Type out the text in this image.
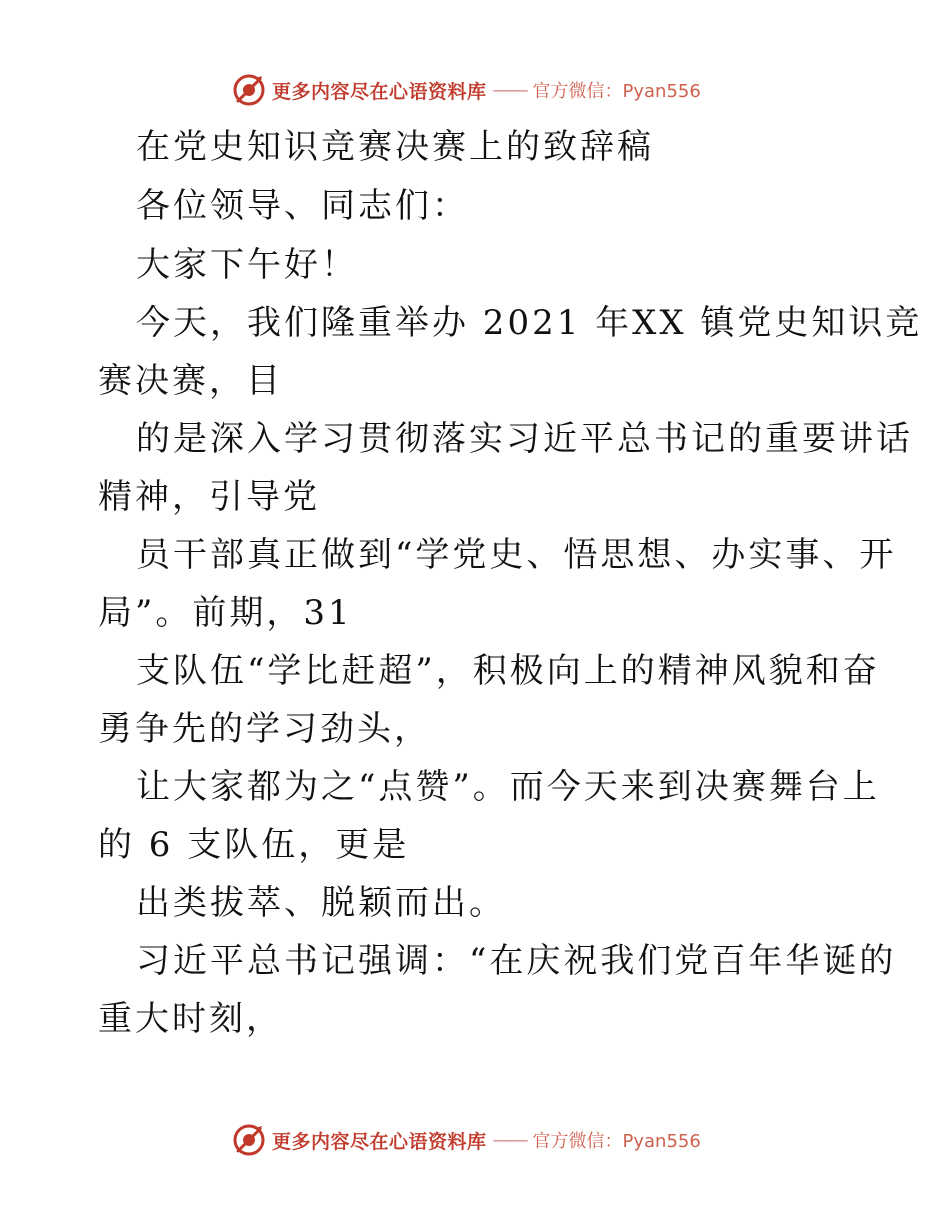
更多内容尽在心语资料库 —— 官方微信：Pyan556
在党史知识竞赛决赛上的致辞稿
各位领导、同志们：
大家下午好！
今天，我们隆重举办 2021 年XX 镇党史知识竞
赛决赛，目
的是深入学习贯彻落实习近平总书记的重要讲话
精神，引导党
员干部真正做到“学党史、悟思想、办实事、开
局”。前期，31
支队伍“学比赶超”，积极向上的精神风貌和奋
勇争先的学习劲头，
让大家都为之“点赞”。而今天来到决赛舞台上
的 6 支队伍，更是
出类拔萃、脱颖而出。
习近平总书记强调：“在庆祝我们党百年华诞的
重大时刻，
更多内容尽在心语资料库 —— 官方微信：Pyan556
